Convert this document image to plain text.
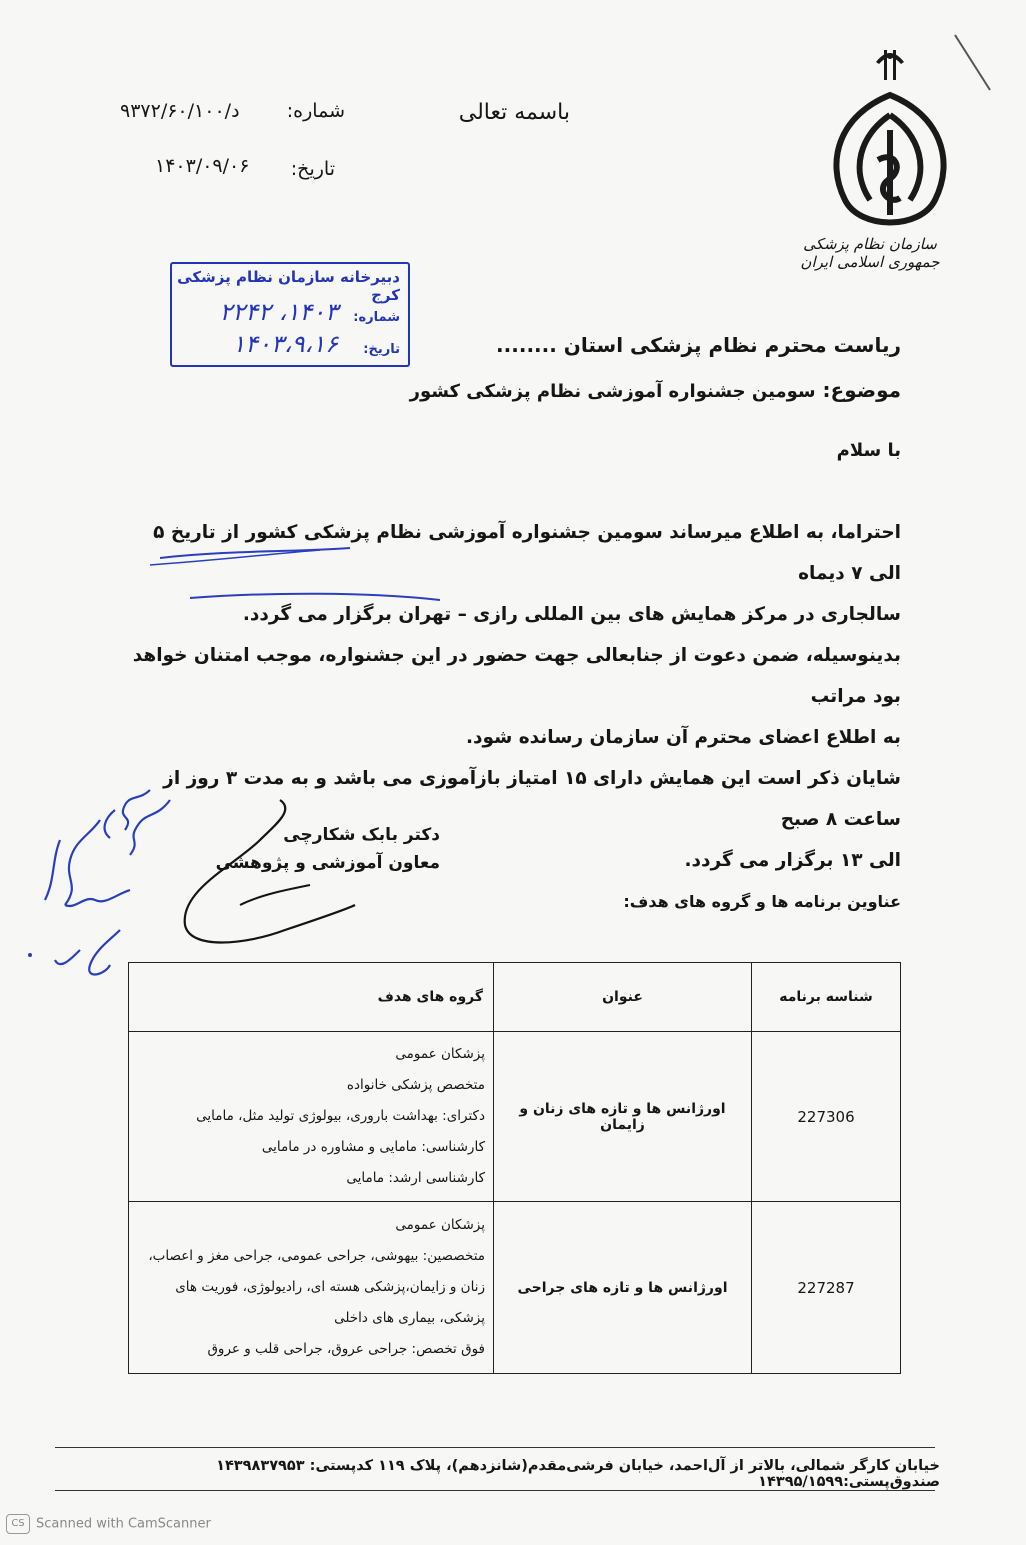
سازمان نظام پزشکی جمهوری اسلامی ایران
باسمه تعالی
شماره:
۹۳۷۲/۶۰/۱۰۰/د
تاریخ:
۱۴۰۳/۰۹/۰۶
دبیرخانه سازمان نظام پزشکی کرج
شماره:
۱۴۰۳، ۲۲۴۲
تاریخ:
۱۴۰۳،۹،۱۶	ریاست محترم نظام پزشکی استان ........
موضوع: سومین جشنواره آموزشی نظام پزشکی کشور
با سلام
احتراما، به اطلاع میرساند سومین جشنواره آموزشی نظام پزشکی کشور از تاریخ ۵ الی ۷ دیماه
سالجاری در مرکز همایش های بین المللی رازی – تهران برگزار می گردد.
بدینوسیله، ضمن دعوت از جنابعالی جهت حضور در این جشنواره، موجب امتنان خواهد بود مراتب
به اطلاع اعضای محترم آن سازمان رسانده شود.
شایان ذکر است این همایش دارای ۱۵ امتیاز بازآموزی می باشد و به مدت ۳ روز از ساعت ۸ صبح
الی ۱۳ برگزار می گردد.
دکتر بابک شکارچی
معاون آموزشی و پژوهشی
عناوین برنامه ها و گروه های هدف:
شناسه برنامه	عنوان	گروه های هدف
227306	اورژانس ها و تازه های زنان و زایمان	پزشکان عمومی
متخصص پزشکی خانواده
دکترای: بهداشت باروری، بیولوژی تولید مثل، مامایی
کارشناسی: مامایی و مشاوره در مامایی
کارشناسی ارشد: مامایی

227287	اورژانس ها و تازه های جراحی	پزشکان عمومی
متخصصین: بیهوشی، جراحی عمومی، جراحی مغز و اعصاب،
زنان و زایمان،پزشکی هسته ای، رادیولوژی، فوریت های
پزشکی، بیماری های داخلی
فوق تخصص: جراحی عروق، جراحی قلب و عروق
خیابان کارگر شمالی، بالاتر از آل‌احمد، خیابان فرشی‌مقدم(شانزدهم)، پلاک ۱۱۹ کدپستی: ۱۴۳۹۸۳۷۹۵۳ صندوق‌پستی:۱۴۳۹۵/۱۵۹۹
CS Scanned with CamScanner
